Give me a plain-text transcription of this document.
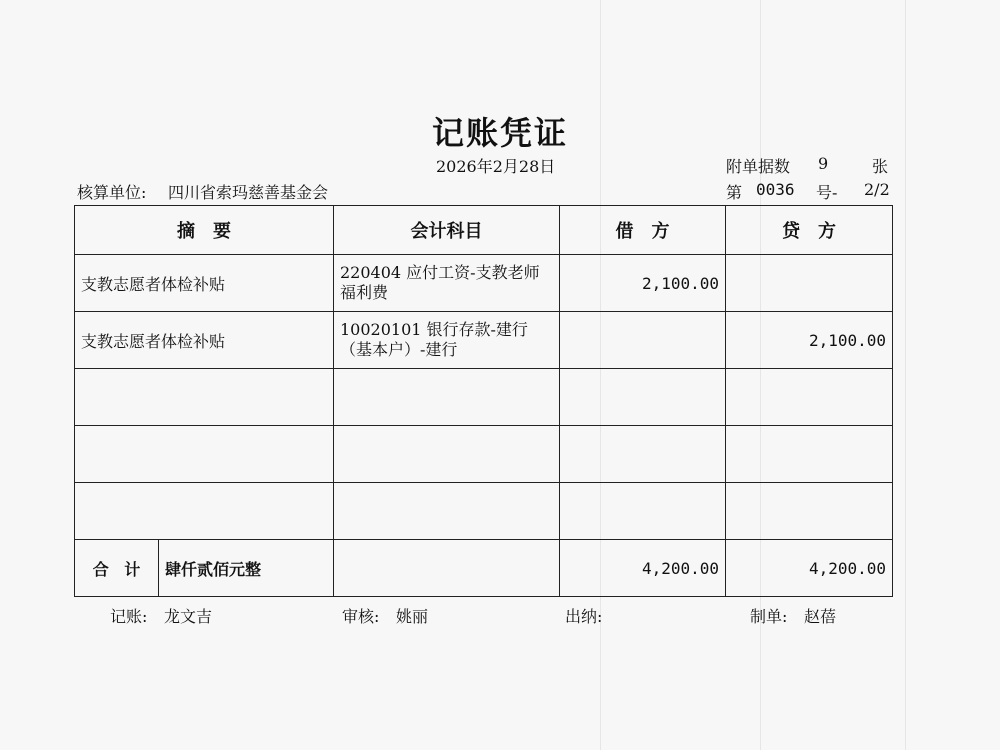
记账凭证
2026年2月28日	附单据数 9	张
核算单位: 四川省索玛慈善基金会	第 0036 号- 2/2
摘　要	会计科目	借　方	贷　方
支教志愿者体检补贴	220404 应付工资-支教老师福利费	2,100.00	
支教志愿者体检补贴	10020101 银行存款-建行（基本户）-建行		2,100.00

合 计 肆仟贰佰元整		4,200.00	4,200.00
记账: 龙文吉	审核: 姚丽	出纳:	制单: 赵蓓
